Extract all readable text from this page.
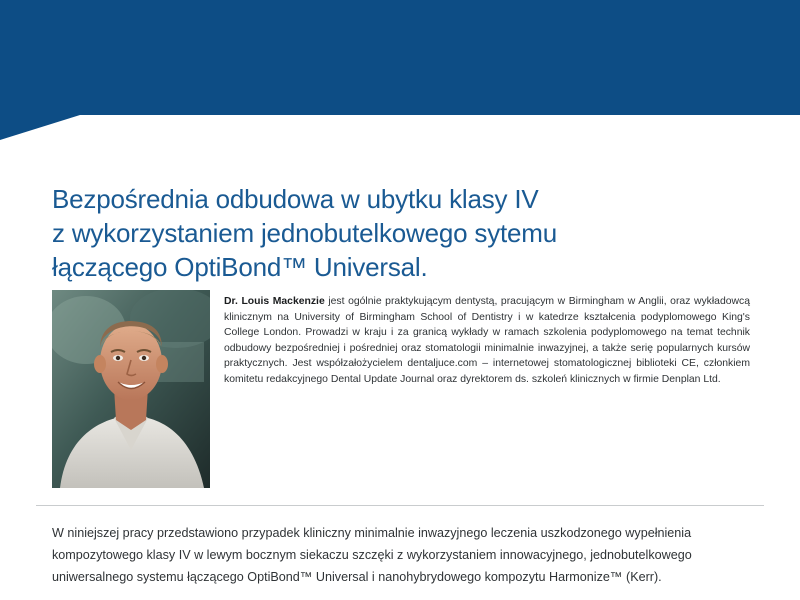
Bezpośrednia odbudowa w ubytku klasy IV
z wykorzystaniem jednobutelkowego sytemu
łączącego OptiBond™ Universal.
Dr. Louis Mackenzie jest ogólnie praktykującym dentystą, pracującym w Birmingham w Anglii, oraz wykładowcą klinicznym na University of Birmingham School of Dentistry i w katedrze kształcenia podyplomowego King's College London. Prowadzi w kraju i za granicą wykłady w ramach szkolenia podyplomowego na temat technik odbudowy bezpośredniej i pośredniej oraz stomatologii minimalnie inwazyjnej, a także serię popularnych kursów praktycznych. Jest współzałożycielem dentaljuce.com – internetowej stomatologicznej biblioteki CE, członkiem komitetu redakcyjnego Dental Update Journal oraz dyrektorem ds. szkoleń klinicznych w firmie Denplan Ltd.
W niniejszej pracy przedstawiono przypadek kliniczny minimalnie inwazyjnego leczenia uszkodzonego wypełnienia
kompozytowego klasy IV w lewym bocznym siekaczu szczęki z wykorzystaniem innowacyjnego, jednobutelkowego
uniwersalnego systemu łączącego OptiBond™ Universal i nanohybrydowego kompozytu Harmonize™ (Kerr).
